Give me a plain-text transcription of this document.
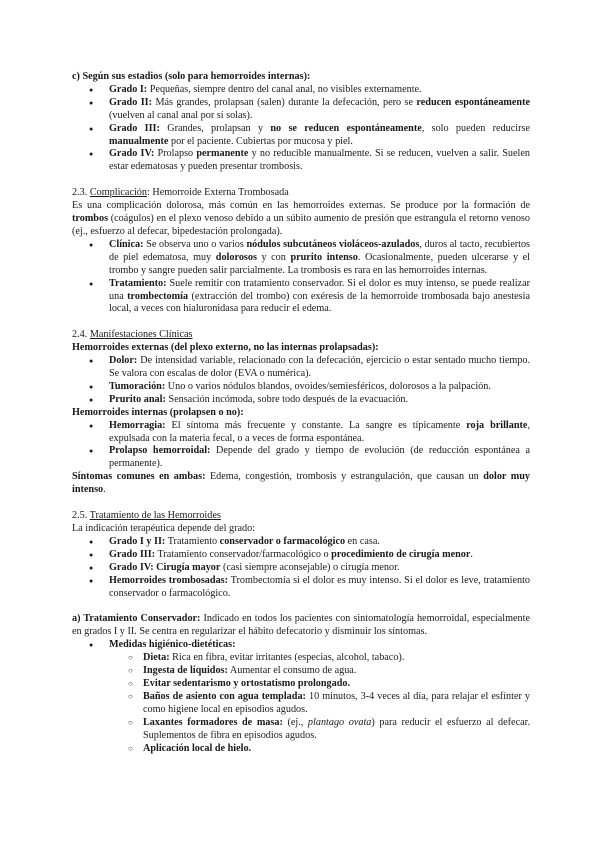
c) Según sus estadios (solo para hemorroides internas):

● Grado I: Pequeñas, siempre dentro del canal anal, no visibles externamente.
● Grado II: Más grandes, prolapsan (salen) durante la defecación, pero se reducen espontáneamente (vuelven al canal anal por sí solas).
● Grado III: Grandes, prolapsan y no se reducen espontáneamente, solo pueden reducirse manualmente por el paciente. Cubiertas por mucosa y piel.
● Grado IV: Prolapso permanente y no reducible manualmente. Si se reducen, vuelven a salir. Suelen estar edematosas y pueden presentar trombosis.

2.3. Complicación: Hemorroide Externa Trombosada

Es una complicación dolorosa, más común en las hemorroides externas. Se produce por la formación de trombos (coágulos) en el plexo venoso debido a un súbito aumento de presión que estrangula el retorno venoso (ej., esfuerzo al defecar, bipedestación prolongada).

● Clínica: Se observa uno o varios nódulos subcutáneos violáceos-azulados, duros al tacto, recubiertos de piel edematosa, muy dolorosos y con prurito intenso. Ocasionalmente, pueden ulcerarse y el trombo y sangre pueden salir parcialmente. La trombosis es rara en las hemorroides internas.
● Tratamiento: Suele remitir con tratamiento conservador. Si el dolor es muy intenso, se puede realizar una trombectomía (extracción del trombo) con exéresis de la hemorroide trombosada bajo anestesia local, a veces con hialuronidasa para reducir el edema.

2.4. Manifestaciones Clínicas

Hemorroides externas (del plexo externo, no las internas prolapsadas):

● Dolor: De intensidad variable, relacionado con la defecación, ejercicio o estar sentado mucho tiempo. Se valora con escalas de dolor (EVA o numérica).
● Tumoración: Uno o varios nódulos blandos, ovoides/semiesféricos, dolorosos a la palpación.
● Prurito anal: Sensación incómoda, sobre todo después de la evacuación.

Hemorroides internas (prolapsen o no):

● Hemorragia: El síntoma más frecuente y constante. La sangre es típicamente roja brillante, expulsada con la materia fecal, o a veces de forma espontánea.
● Prolapso hemorroidal: Depende del grado y tiempo de evolución (de reducción espontánea a permanente).

Síntomas comunes en ambas: Edema, congestión, trombosis y estrangulación, que causan un dolor muy intenso.

2.5. Tratamiento de las Hemorroides

La indicación terapéutica depende del grado:

● Grado I y II: Tratamiento conservador o farmacológico en casa.
● Grado III: Tratamiento conservador/farmacológico o procedimiento de cirugía menor.
● Grado IV: Cirugía mayor (casi siempre aconsejable) o cirugía menor.
● Hemorroides trombosadas: Trombectomía si el dolor es muy intenso. Si el dolor es leve, tratamiento conservador o farmacológico.

a) Tratamiento Conservador: Indicado en todos los pacientes con sintomatología hemorroidal, especialmente en grados I y II. Se centra en regularizar el hábito defecatorio y disminuir los síntomas.

● Medidas higiénico-dietéticas:
○ Dieta: Rica en fibra, evitar irritantes (especias, alcohol, tabaco).
○ Ingesta de líquidos: Aumentar el consumo de agua.
○ Evitar sedentarismo y ortostatismo prolongado.
○ Baños de asiento con agua templada: 10 minutos, 3-4 veces al día, para relajar el esfínter y como higiene local en episodios agudos.
○ Laxantes formadores de masa: (ej., plantago ovata) para reducir el esfuerzo al defecar. Suplementos de fibra en episodios agudos.
○ Aplicación local de hielo.
